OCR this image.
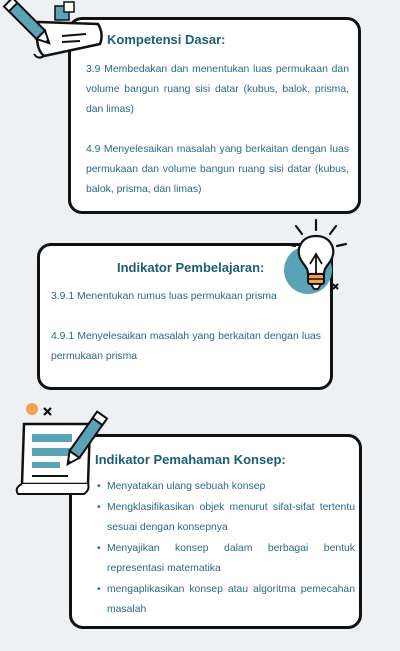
Kompetensi Dasar:

3.9 Membedakan dan menentukan luas permukaan dan volume bangun ruang sisi datar (kubus, balok, prisma, dan limas)

4.9 Menyelesaikan masalah yang berkaitan dengan luas permukaan dan volume bangun ruang sisi datar (kubus, balok, prisma, dan limas)

Indikator Pembelajaran:

3.9.1 Menentukan rumus luas permukaan prisma

4.9.1 Menyelesaikan masalah yang berkaitan dengan luas permukaan prisma

Indikator Pemahaman Konsep:
• Menyatakan ulang sebuah konsep
• Mengklasifikasikan objek menurut sifat-sifat tertentu sesuai dengan konsepnya
• Menyajikan konsep dalam berbagai bentuk representasi matematika
• mengaplikasikan konsep atau algoritma pemecahan masalah
